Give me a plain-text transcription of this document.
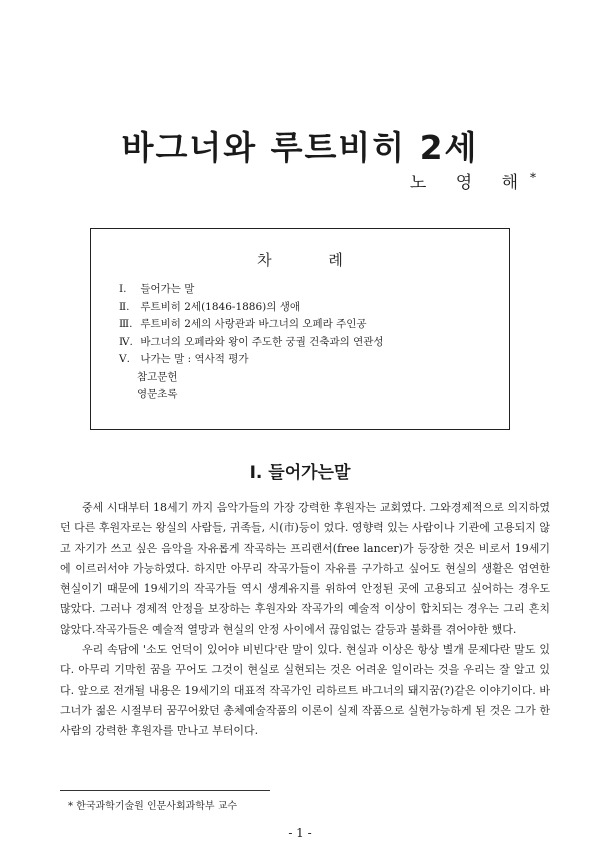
바그너와 루트비히 2세
노 영 해*
차 례
Ⅰ. 들어가는 말
Ⅱ. 루트비히 2세(1846-1886)의 생애
Ⅲ. 루트비히 2세의 사랑관과 바그너의 오페라 주인공
Ⅳ. 바그너의 오페라와 왕이 주도한 궁궐 건축과의 연관성
Ⅴ. 나가는 말 : 역사적 평가
참고문헌
영문초록
Ⅰ. 들어가는말

중세 시대부터 18세기 까지 음악가들의 가장 강력한 후원자는 교회였다. 그와경제적으로 의지하였던 다른 후원자로는 왕실의 사람들, 귀족들, 시(市)등이 었다. 영향력 있는 사람이나 기관에 고용되지 않고 자기가 쓰고 싶은 음악을 자유롭게 작곡하는 프리랜서(free lancer)가 등장한 것은 비로서 19세기에 이르러서야 가능하였다. 하지만 아무리 작곡가들이 자유를 구가하고 싶어도 현실의 생활은 엄연한 현실이기 때문에 19세기의 작곡가들 역시 생계유지를 위하여 안정된 곳에 고용되고 싶어하는 경우도 많았다. 그러나 경제적 안정을 보장하는 후원자와 작곡가의 예술적 이상이 합치되는 경우는 그리 흔치 않았다.작곡가들은 예술적 열망과 현실의 안정 사이에서 끊임없는 갈등과 불화를 겪어야한 했다.

우리 속담에 '소도 언덕이 있어야 비빈다'란 말이 있다. 현실과 이상은 항상 별개 문제다란 말도 있다. 아무리 기막힌 꿈을 꾸어도 그것이 현실로 실현되는 것은 어려운 일이라는 것을 우리는 잘 알고 있다. 앞으로 전개될 내용은 19세기의 대표적 작곡가인 리하르트 바그너의 돼지꿈(?)같은 이야기이다. 바그너가 젊은 시절부터 꿈꾸어왔던 총체예술작품의 이론이 실제 작품으로 실현가능하게 된 것은 그가 한 사람의 강력한 후원자를 만나고 부터이다.

* 한국과학기술원 인문사회과학부 교수
- 1 -
